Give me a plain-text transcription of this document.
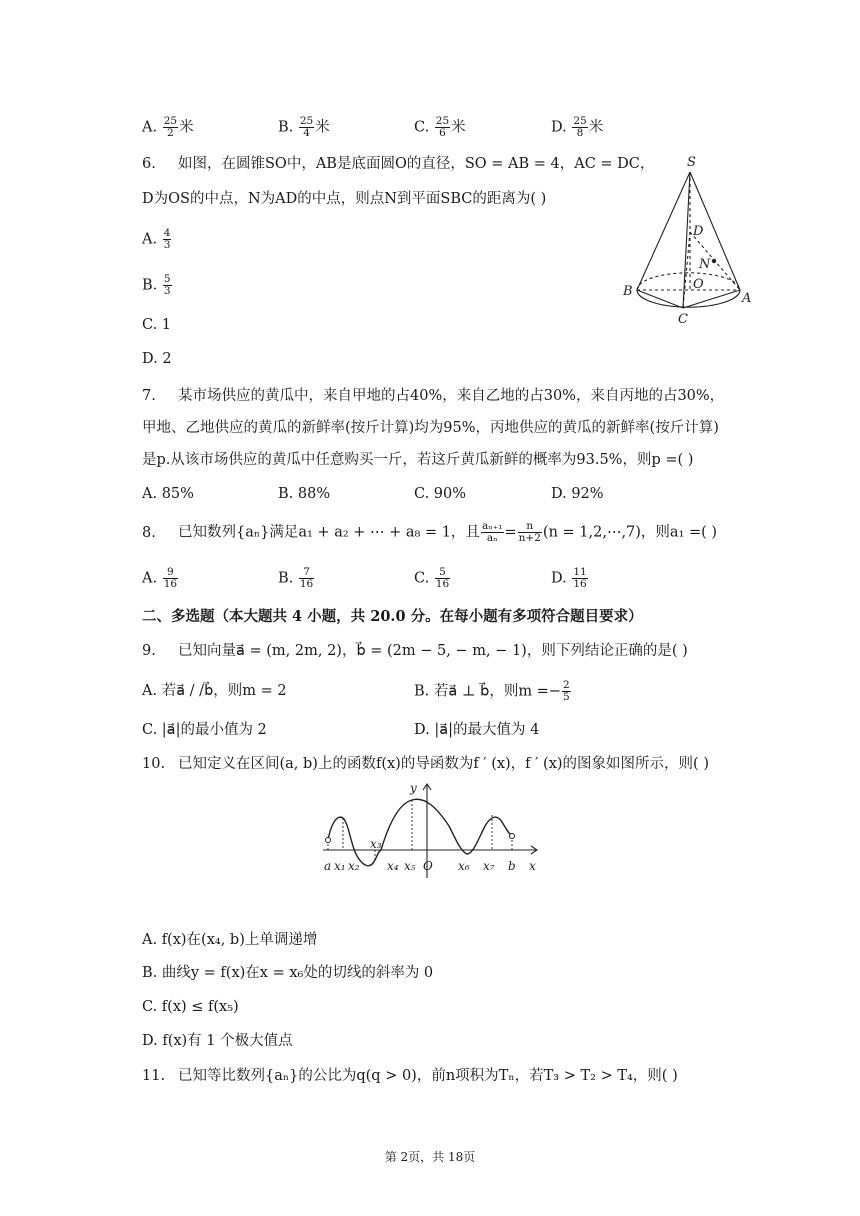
A. $\frac{25}{2}$ 米	B. $\frac{25}{4}$ 米	C. $\frac{25}{6}$ 米	D. $\frac{25}{8}$ 米
6. 如图，在圆锥SO中，AB是底面圆O的直径，SO = AB = 4，AC = DC，
D为OS的中点，N为AD的中点，则点N到平面SBC的距离为( )
A. $\frac{4}{3}$
B. $\frac{5}{3}$
C. 1
D. 2
S
D
N
O
B	A
C
7. 某市场供应的黄瓜中，来自甲地的占40%，来自乙地的占30%，来自丙地的占30%，
甲地、乙地供应的黄瓜的新鲜率(按斤计算)均为95%，丙地供应的黄瓜的新鲜率(按斤计算)
是p.从该市场供应的黄瓜中任意购买一斤，若这斤黄瓜新鲜的概率为93.5%，则p =( )
A. 85%	B. 88%	C. 90%	D. 92%
8. 已知数列{aₙ}满足a₁ + a₂ + ⋯ + a₈ = 1，且 $\frac{\text{aₙ₊₁}}{\text{aₙ}} = \frac{n}{n+2} (n$ = 1,2,⋯,7)，则a₁ =( )
A. $\frac{9}{16}$	B. $\frac{7}{16}$	C. $\frac{5}{16}$	D. $\frac{11}{16}$
二、多选题（本大题共 4 小题，共 20.0 分。在每小题有多项符合题目要求）
9. 已知向量a⃗ = (m, 2m, 2)，b⃗ = (2m − 5, − m, − 1)，则下列结论正确的是( )
A. 若a⃗ / /b⃗，则m = 2	B. 若a⃗ ⊥ b⃗，则$m =- \frac{2}{5}$
C. |a⃗|的最小值为 2	D. |a⃗|的最大值为 4
10. 已知定义在区间(a, b)上的函数f(x)的导函数为f ′ (x)，f ′ (x)的图象如图所示，则( )
y
x
a x₁ x₂
x₃
x₄ x₅ O x₆ x₇ b
A. f(x)在(x₄, b)上单调递增
B. 曲线y = f(x)在x = x₆处的切线的斜率为 0
C. f(x) ≤ f(x₅)
D. f(x)有 1 个极大值点
11. 已知等比数列{aₙ}的公比为q(q > 0)，前n项积为Tₙ，若T₃ > T₂ > T₄，则( )
第 2页，共 18页
